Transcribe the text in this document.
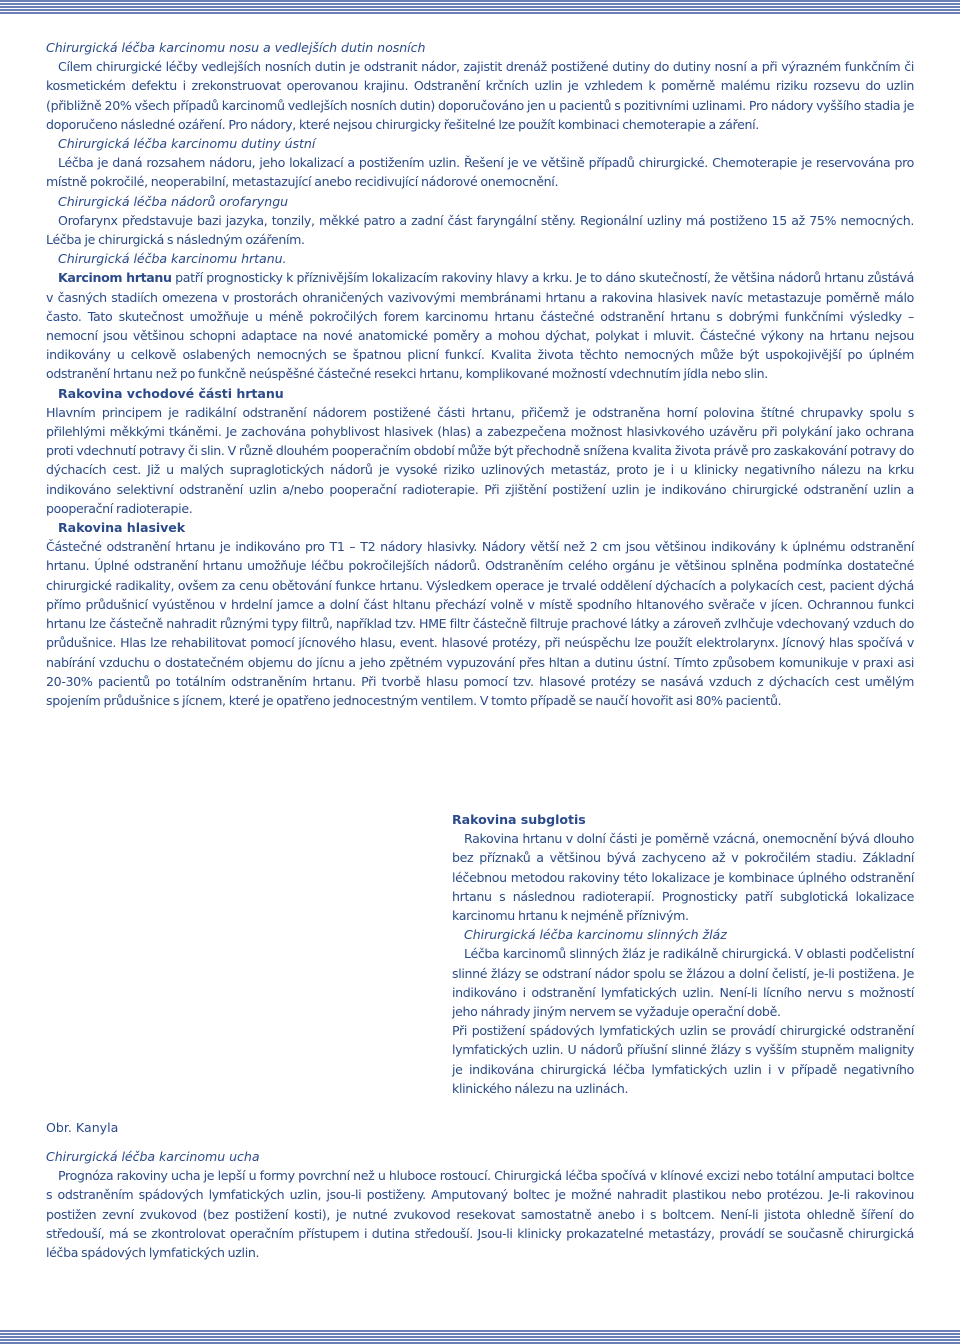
Chirurgická léčba karcinomu nosu a vedlejších dutin nosních

Cílem chirurgické léčby vedlejších nosních dutin je odstranit nádor, zajistit drenáž postižené dutiny do dutiny nosní a při výrazném funkčním či kosmetickém defektu i zrekonstruovat operovanou krajinu. Odstranění krčních uzlin je vzhledem k poměrně malému riziku rozsevu do uzlin (přibližně 20% všech případů karcinomů vedlejších nosních dutin) doporučováno jen u pacientů s pozitivními uzlinami. Pro nádory vyššího stadia je doporučeno následné ozáření. Pro nádory, které nejsou chirurgicky řešitelné lze použít kombinaci chemoterapie a záření.

Chirurgická léčba karcinomu dutiny ústní

Léčba je daná rozsahem nádoru, jeho lokalizací a postižením uzlin. Řešení je ve většině případů chirurgické. Chemoterapie je reservována pro místně pokročilé, neoperabilní, metastazující anebo recidivující nádorové onemocnění.

Chirurgická léčba nádorů orofaryngu

Orofarynx představuje bazi jazyka, tonzily, měkké patro a zadní část faryngální stěny. Regionální uzliny má postiženo 15 až 75% nemocných. Léčba je chirurgická s následným ozářením.

Chirurgická léčba karcinomu hrtanu.

Karcinom hrtanu patří prognosticky k příznivějším lokalizacím rakoviny hlavy a krku. Je to dáno skutečností, že většina nádorů hrtanu zůstává v časných stadiích omezena v prostorách ohraničených vazivovými membránami hrtanu a rakovina hlasivek navíc metastazuje poměrně málo často. Tato skutečnost umožňuje u méně pokročilých forem karcinomu hrtanu částečné odstranění hrtanu s dobrými funkčními výsledky – nemocní jsou většinou schopni adaptace na nové anatomické poměry a mohou dýchat, polykat i mluvit. Částečné výkony na hrtanu nejsou indikovány u celkově oslabených nemocných se špatnou plicní funkcí. Kvalita života těchto nemocných může být uspokojivější po úplném odstranění hrtanu než po funkčně neúspěšné částečné resekci hrtanu, komplikované možností vdechnutím jídla nebo slin.

Rakovina vchodové části hrtanu

Hlavním principem je radikální odstranění nádorem postižené části hrtanu, přičemž je odstraněna horní polovina štítné chrupavky spolu s přilehlými měkkými tkáněmi. Je zachována pohyblivost hlasivek (hlas) a zabezpečena možnost hlasivkového uzávěru při polykání jako ochrana proti vdechnutí potravy či slin. V různě dlouhém pooperačním období může být přechodně snížena kvalita života právě pro zaskakování potravy do dýchacích cest. Již u malých supraglotických nádorů je vysoké riziko uzlinových metastáz, proto je i u klinicky negativního nálezu na krku indikováno selektivní odstranění uzlin a/nebo pooperační radioterapie. Při zjištění postižení uzlin je indikováno chirurgické odstranění uzlin a pooperační radioterapie.

Rakovina hlasivek

Částečné odstranění hrtanu je indikováno pro T1 – T2 nádory hlasivky. Nádory větší než 2 cm jsou většinou indikovány k úplnému odstranění hrtanu. Úplné odstranění hrtanu umožňuje léčbu pokročilejších nádorů. Odstraněním celého orgánu je většinou splněna podmínka dostatečné chirurgické radikality, ovšem za cenu obětování funkce hrtanu. Výsledkem operace je trvalé oddělení dýchacích a polykacích cest, pacient dýchá přímo průdušnicí vyústěnou v hrdelní jamce a dolní část hltanu přechází volně v místě spodního hltanového svěrače v jícen. Ochrannou funkci hrtanu lze částečně nahradit různými typy filtrů, například tzv. HME filtr částečně filtruje prachové látky a zároveň zvlhčuje vdechovaný vzduch do průdušnice. Hlas lze rehabilitovat pomocí jícnového hlasu, event. hlasové protézy, při neúspěchu lze použít elektrolarynx. Jícnový hlas spočívá v nabírání vzduchu o dostatečném objemu do jícnu a jeho zpětném vypuzování přes hltan a dutinu ústní. Tímto způsobem komunikuje v praxi asi 20-30% pacientů po totálním odstraněním hrtanu. Při tvorbě hlasu pomocí tzv. hlasové protézy se nasává vzduch z dýchacích cest umělým spojením průdušnice s jícnem, které je opatřeno jednocestným ventilem. V tomto případě se naučí hovořit asi 80% pacientů.

Rakovina subglotis

Rakovina hrtanu v dolní části je poměrně vzácná, onemocnění bývá dlouho bez příznaků a většinou bývá zachyceno až v pokročilém stadiu. Základní léčebnou metodou rakoviny této lokalizace je kombinace úplného odstranění hrtanu s následnou radioterapií. Prognosticky patří subglotická lokalizace karcinomu hrtanu k nejméně příznivým.

Chirurgická léčba karcinomu slinných žláz

Léčba karcinomů slinných žláz je radikálně chirurgická. V oblasti podčelistní slinné žlázy se odstraní nádor spolu se žlázou a dolní čelistí, je-li postižena. Je indikováno i odstranění lymfatických uzlin. Není-li lícního nervu s možností jeho náhrady jiným nervem se vyžaduje operační době.

Při postižení spádových lymfatických uzlin se provádí chirurgické odstranění lymfatických uzlin. U nádorů příušní slinné žlázy s vyšším stupněm malignity je indikována chirurgická léčba lymfatických uzlin i v případě negativního klinického nálezu na uzlinách.

Obr. Kanyla

Chirurgická léčba karcinomu ucha

Prognóza rakoviny ucha je lepší u formy povrchní než u hluboce rostoucí. Chirurgická léčba spočívá v klínové excizi nebo totální amputaci boltce s odstraněním spádových lymfatických uzlin, jsou-li postiženy. Amputovaný boltec je možné nahradit plastikou nebo protézou. Je-li rakovinou postižen zevní zvukovod (bez postižení kosti), je nutné zvukovod resekovat samostatně anebo i s boltcem. Není-li jistota ohledně šíření do středouší, má se zkontrolovat operačním přístupem i dutina středouší. Jsou-li klinicky prokazatelné metastázy, provádí se současně chirurgická léčba spádových lymfatických uzlin.
